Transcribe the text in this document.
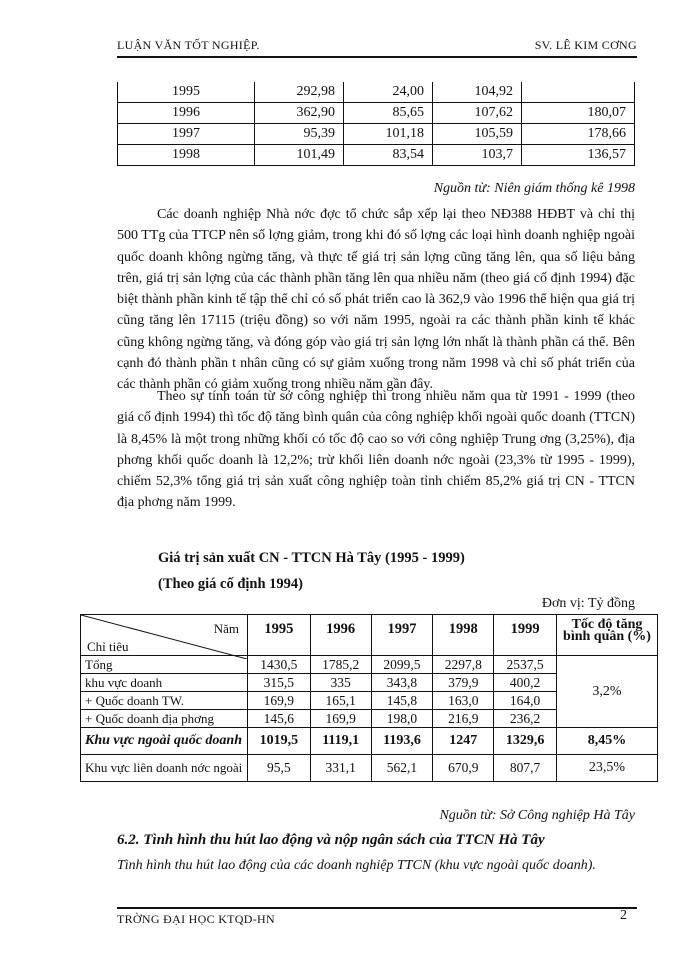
LUẬN VĂN TỐT NGHIỆP.	SV. LÊ KIM CƠNG
1995	292,98	24,00	104,92	
1996	362,90	85,65	107,62	180,07
1997	95,39	101,18	105,59	178,66
1998	101,49	83,54	103,7	136,57
Nguồn từ: Niên giám thống kê 1998
Các doanh nghiệp Nhà nớc đợc tổ chức sắp xếp lại theo NĐ388 HĐBT và chỉ thị 500 TTg của TTCP nên số lợng giảm, trong khi đó số lợng các loại hình doanh nghiệp ngoài quốc doanh không ngừng tăng, và thực tế giá trị sản lợng cũng tăng lên, qua số liệu bảng trên, giá trị sản lợng của các thành phần tăng lên qua nhiều năm (theo giá cố định 1994) đặc biệt thành phần kinh tế tập thể chỉ có số phát triển cao là 362,9 vào 1996 thể hiện qua giá trị cũng tăng lên 17115 (triệu đồng) so với năm 1995, ngoài ra các thành phần kinh tế khác cũng không ngừng tăng, và đóng góp vào giá trị sản lợng lớn nhất là thành phần cá thể. Bên cạnh đó thành phần t nhân cũng có sự giảm xuống trong năm 1998 và chỉ số phát triển của các thành phần có giảm xuống trong nhiều năm gần đây.
Theo sự tính toán từ sở công nghiệp thì trong nhiều năm qua từ 1991 - 1999 (theo giá cố định 1994) thì tốc độ tăng bình quân của công nghiệp khối ngoài quốc doanh (TTCN) là 8,45% là một trong những khối có tốc độ cao so với công nghiệp Trung ơng (3,25%), địa phơng khối quốc doanh là 12,2%; trừ khối liên doanh nớc ngoài (23,3% từ 1995 - 1999), chiếm 52,3% tổng giá trị sản xuất công nghiệp toàn tỉnh chiếm 85,2% giá trị CN - TTCN địa phơng năm 1999.
Giá trị sản xuất CN - TTCN Hà Tây (1995 - 1999)
(Theo giá cố định 1994)
Đơn vị: Tỷ đồng
Năm
Chỉ tiêu	1995	1996	1997	1998	1999	Tốc độ tăng bình quân (%)
Tổng	1430,5	1785,2	2099,5	2297,8	2537,5	3,2%
khu vực doanh	315,5	335	343,8	379,9	400,2	
+ Quốc doanh TW.	169,9	165,1	145,8	163,0	164,0	
+ Quốc doanh địa phơng	145,6	169,9	198,0	216,9	236,2	
Khu vực ngoài quốc doanh	1019,5	1119,1	1193,6	1247	1329,6	8,45%
Khu vực liên doanh nớc ngoài	95,5	331,1	562,1	670,9	807,7	23,5%
Nguồn từ: Sở Công nghiệp Hà Tây
6.2. Tình hình thu hút lao động và nộp ngân sách của TTCN Hà Tây
Tình hình thu hút lao động của các doanh nghiệp TTCN (khu vực ngoài quốc doanh).
TRỜNG ĐẠI HỌC KTQD-HN	2
